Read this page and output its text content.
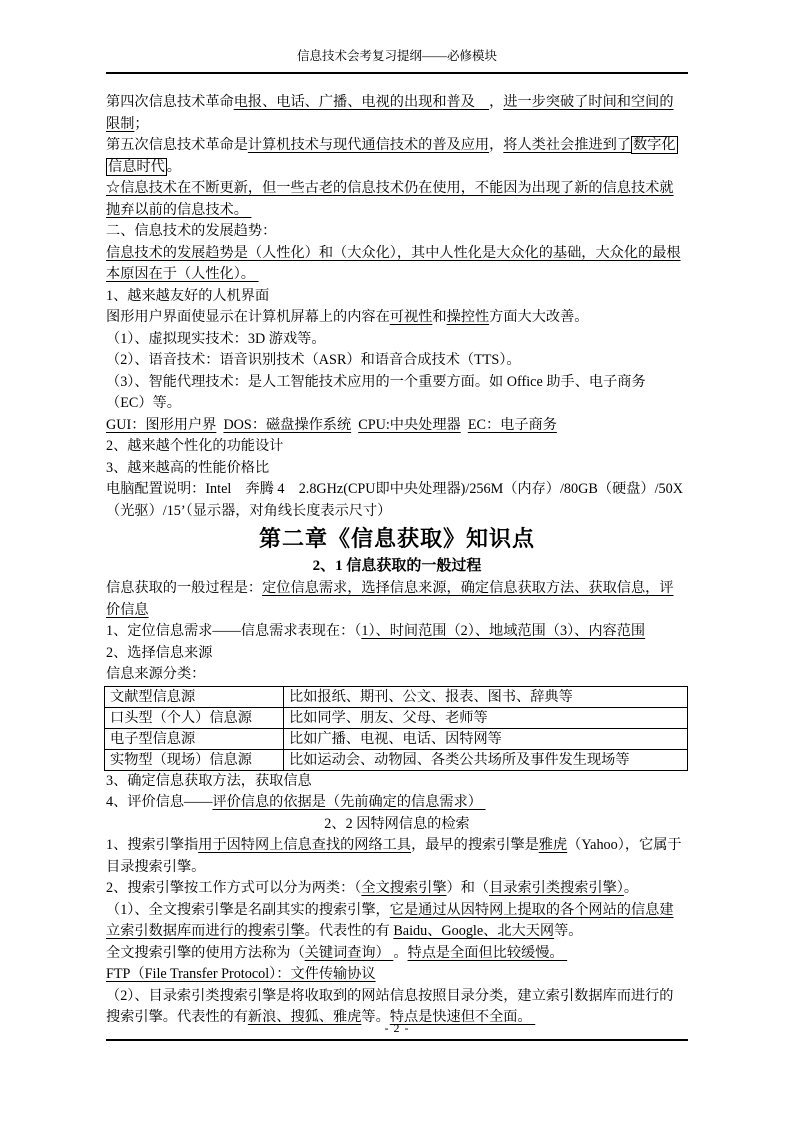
信息技术会考复习提纲——必修模块
第四次信息技术革命电报、电话、广播、电视的出现和普及　，进一步突破了时间和空间的
限制；
第五次信息技术革命是计算机技术与现代通信技术的普及应用，将人类社会推进到了 数字化
信息时代 。
☆信息技术在不断更新，但一些古老的信息技术仍在使用，不能因为出现了新的信息技术就
抛弃以前的信息技术。
二、信息技术的发展趋势：
信息技术的发展趋势是（人性化）和（大众化），其中人性化是大众化的基础，大众化的最根
本原因在于（人性化）。
1、越来越友好的人机界面
图形用户界面使显示在计算机屏幕上的内容在可视性和操控性方面大大改善。
（1）、虚拟现实技术：3D 游戏等。
（2）、语音技术：语音识别技术（ASR）和语音合成技术（TTS）。
（3）、智能代理技术：是人工智能技术应用的一个重要方面。如 Office 助手、电子商务
（EC）等。
GUI：图形用户界 DOS：磁盘操作系统 CPU:中央处理器 EC：电子商务
2、越来越个性化的功能设计
3、越来越高的性能价格比
电脑配置说明：Intel　奔腾 4　2.8GHz(CPU即中央处理器)/256M（内存）/80GB（硬盘）/50X
（光驱）/15’（显示器，对角线长度表示尺寸）
第二章《信息获取》知识点
2、1 信息获取的一般过程
信息获取的一般过程是：定位信息需求，选择信息来源，确定信息获取方法、获取信息，评
价信息
1、定位信息需求——信息需求表现在：（1）、时间范围（2）、地域范围（3）、内容范围
2、选择信息来源
信息来源分类：
文献型信息源	比如报纸、期刊、公文、报表、图书、辞典等
口头型（个人）信息源	比如同学、朋友、父母、老师等
电子型信息源	比如广播、电视、电话、因特网等
实物型（现场）信息源	比如运动会、动物园、各类公共场所及事件发生现场等
3、确定信息获取方法，获取信息
4、评价信息——评价信息的依据是（先前确定的信息需求）
2、2 因特网信息的检索
1、搜索引擎指用于因特网上信息查找的网络工具，最早的搜索引擎是雅虎（Yahoo），它属于
目录搜索引擎。
2、搜索引擎按工作方式可以分为两类：（全文搜索引擎）和（目录索引类搜索引擎）。
（1）、全文搜索引擎是名副其实的搜索引擎，它是通过从因特网上提取的各个网站的信息建
立索引数据库而进行的搜索引擎。代表性的有 Baidu、Google、北大天网等。
全文搜索引擎的使用方法称为（关键词查询） 。特点是全面但比较缓慢。
FTP（File Transfer Protocol）：文件传输协议
（2）、目录索引类搜索引擎是将收取到的网站信息按照目录分类，建立索引数据库而进行的
搜索引擎。代表性的有新浪、搜狐、雅虎等。特点是快速但不全面。
- 2 -
